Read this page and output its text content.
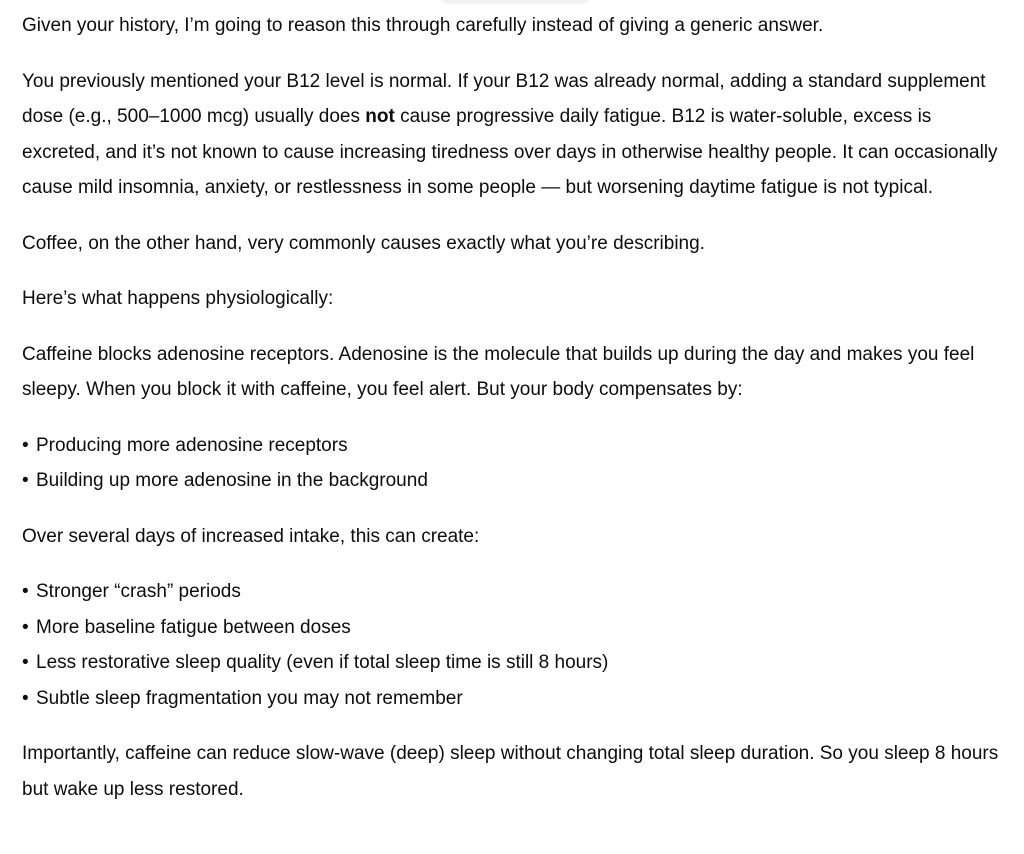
Given your history, I’m going to reason this through carefully instead of giving a generic answer.

You previously mentioned your B12 level is normal. If your B12 was already normal, adding a standard supplement dose (e.g., 500–1000 mcg) usually does not cause progressive daily fatigue. B12 is water-soluble, excess is excreted, and it’s not known to cause increasing tiredness over days in otherwise healthy people. It can occasionally cause mild insomnia, anxiety, or restlessness in some people — but worsening daytime fatigue is not typical.

Coffee, on the other hand, very commonly causes exactly what you’re describing.

Here’s what happens physiologically:

Caffeine blocks adenosine receptors. Adenosine is the molecule that builds up during the day and makes you feel sleepy. When you block it with caffeine, you feel alert. But your body compensates by:

• Producing more adenosine receptors
• Building up more adenosine in the background

Over several days of increased intake, this can create:

• Stronger “crash” periods
• More baseline fatigue between doses
• Less restorative sleep quality (even if total sleep time is still 8 hours)
• Subtle sleep fragmentation you may not remember

Importantly, caffeine can reduce slow-wave (deep) sleep without changing total sleep duration. So you sleep 8 hours but wake up less restored.
